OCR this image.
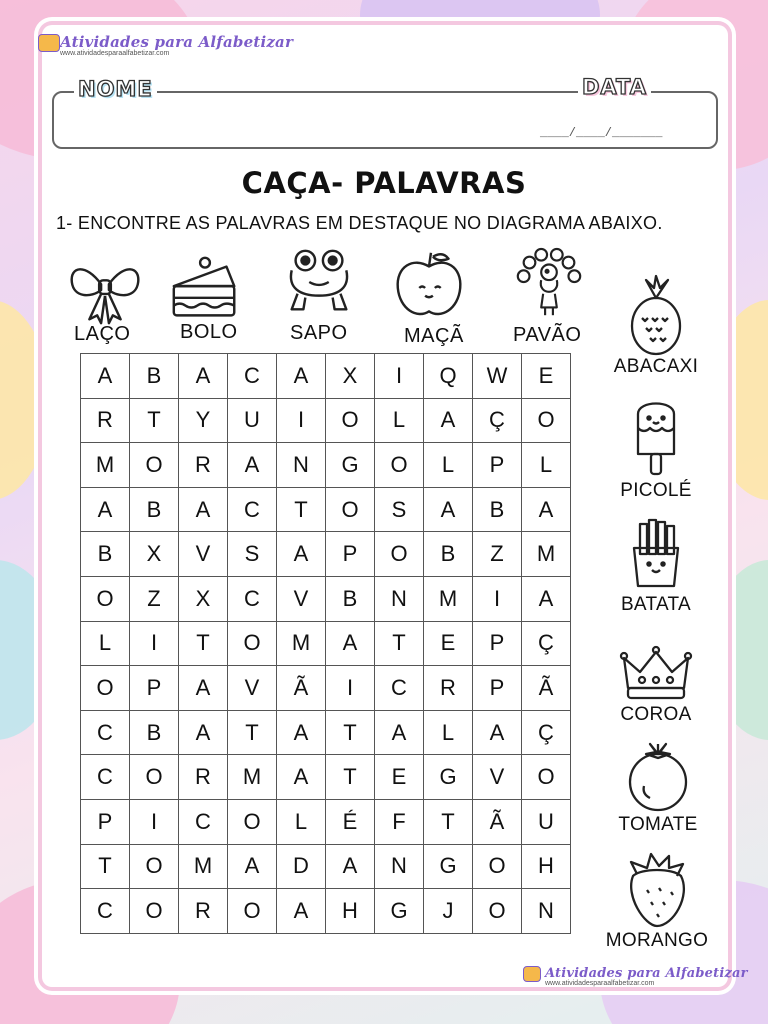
Atividades para Alfabetizar
www.atividadesparaalfabetizar.com
NOME	DATA
____/____/_______
CAÇA- PALAVRAS
1- ENCONTRE AS PALAVRAS EM DESTAQUE NO DIAGRAMA ABAIXO.
LAÇO BOLO	SAPO	MAÇÃ PAVÃO
A	B	A	C	A	X	I	Q	W	E
R	T	Y	U	I	O	L	A	Ç	O
M	O	R	A	N	G	O	L	P	L
A	B	A	C	T	O	S	A	B	A
B	X	V	S	A	P	O	B	Z	M
O	Z	X	C	V	B	N	M	I	A
L	I	T	O	M	A	T	E	P	Ç
O	P	A	V	Ã	I	C	R	P	Ã
C	B	A	T	A	T	A	L	A	Ç
C	O	R	M	A	T	E	G	V	O
P	I	C	O	L	É	F	T	Ã	U
T	O	M	A	D	A	N	G	O	H
C	O	R	O	A	H	G	J	O	N
ABACAXI
PICOLÉ
BATATA
COROA
TOMATE
MORANGO
Atividades para Alfabetizar
www.atividadesparaalfabetizar.com
